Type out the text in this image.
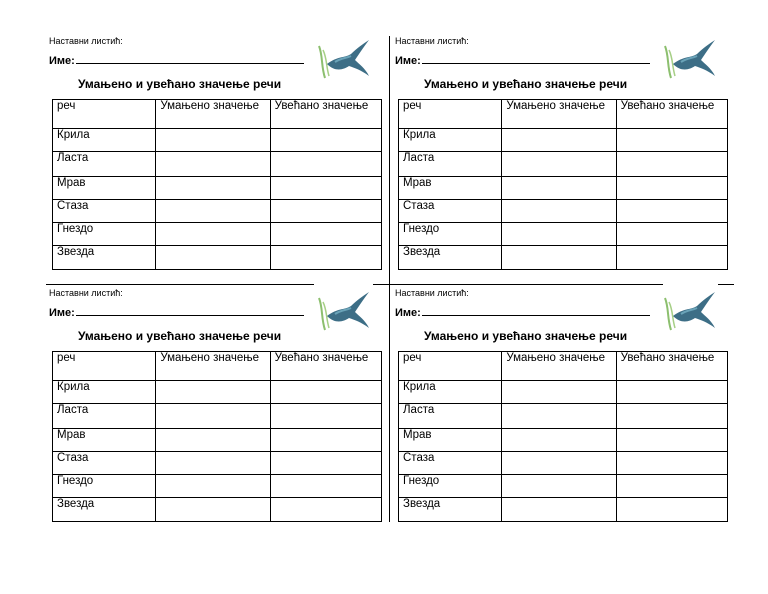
Наставни листић:
Име:
Умањено и увећано значење речи
реч	Умањено значење	Увећано значење
Крила		
Ласта		
Мрав		
Стаза		
Гнездо		
Звезда		
Наставни листић:
Име:
Умањено и увећано значење речи
реч	Умањено значење	Увећано значење
Крила		
Ласта		
Мрав		
Стаза		
Гнездо		
Звезда		
Наставни листић:
Име:
Умањено и увећано значење речи
реч	Умањено значење	Увећано значење
Крила		
Ласта		
Мрав		
Стаза		
Гнездо		
Звезда		
Наставни листић:
Име:
Умањено и увећано значење речи
реч	Умањено значење	Увећано значење
Крила		
Ласта		
Мрав		
Стаза		
Гнездо		
Звезда		
